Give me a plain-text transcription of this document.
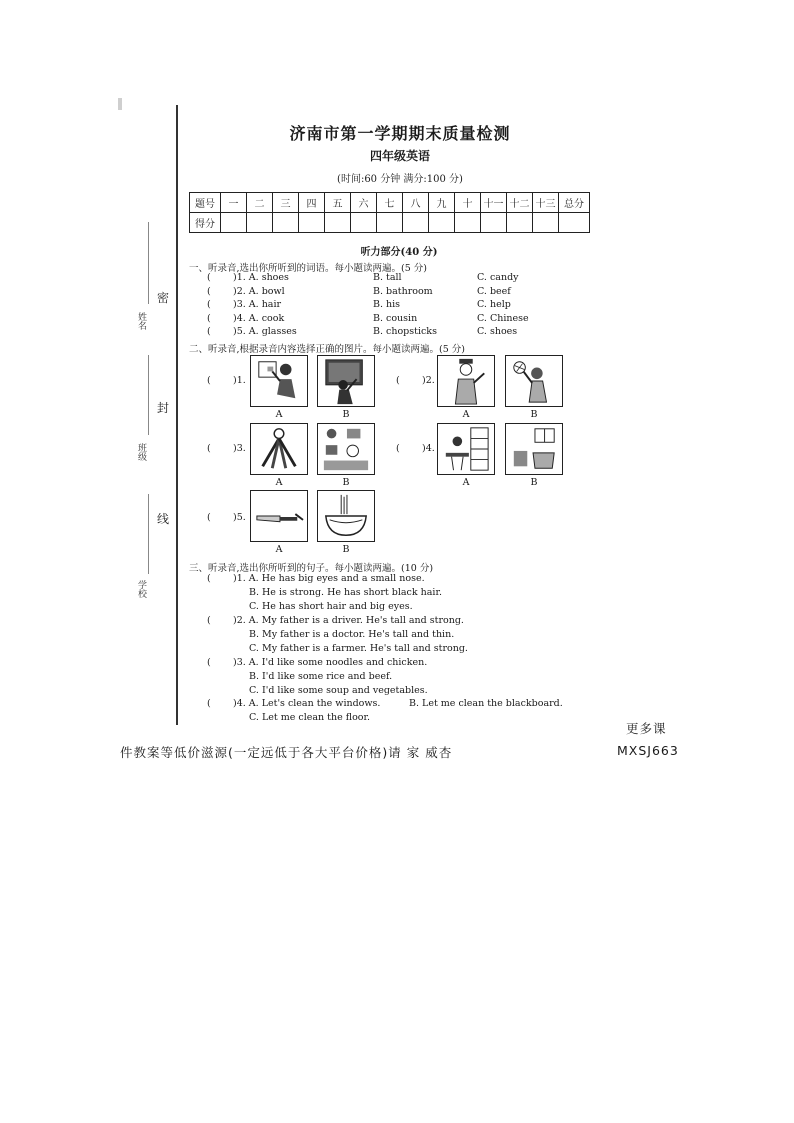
姓名
密
班级
封
学校
线
济南市第一学期期末质量检测
四年级英语
(时间:60 分钟 满分:100 分)
题号	一	二	三	四	五	六	七	八	九	十	十一	十二	十三	总分
得分														
听力部分(40 分)
一、听录音,选出你所听到的词语。每小题读两遍。(5 分)
( )1. A. shoes	B. tall	C. candy
( )2. A. bowl	B. bathroom	C. beef
( )3. A. hair	B. his	C. help
( )4. A. cook	B. cousin	C. Chinese
( )5. A. glasses	B. chopsticks	C. shoes
二、听录音,根据录音内容选择正确的图片。每小题读两遍。(5 分)
( )1.
A	B
( )2.
A	B
( )3.
A	B
( )4.
A	B
( )5.
A	B
三、听录音,选出你所听到的句子。每小题读两遍。(10 分)
( )1. A. He has big eyes and a small nose.
B. He is strong. He has short black hair.
C. He has short hair and big eyes.
( )2. A. My father is a driver. He's tall and strong.
B. My father is a doctor. He's tall and thin.
C. My father is a farmer. He's tall and strong.
( )3. A. I'd like some noodles and chicken.
B. I'd like some rice and beef.
C. I'd like some soup and vegetables.
( )4. A. Let's clean the windows.	B. Let me clean the blackboard.
C. Let me clean the floor.
更多课
件教案等低价滋源(一定远低于各大平台价格)请 家 威杏	MXSJ663
